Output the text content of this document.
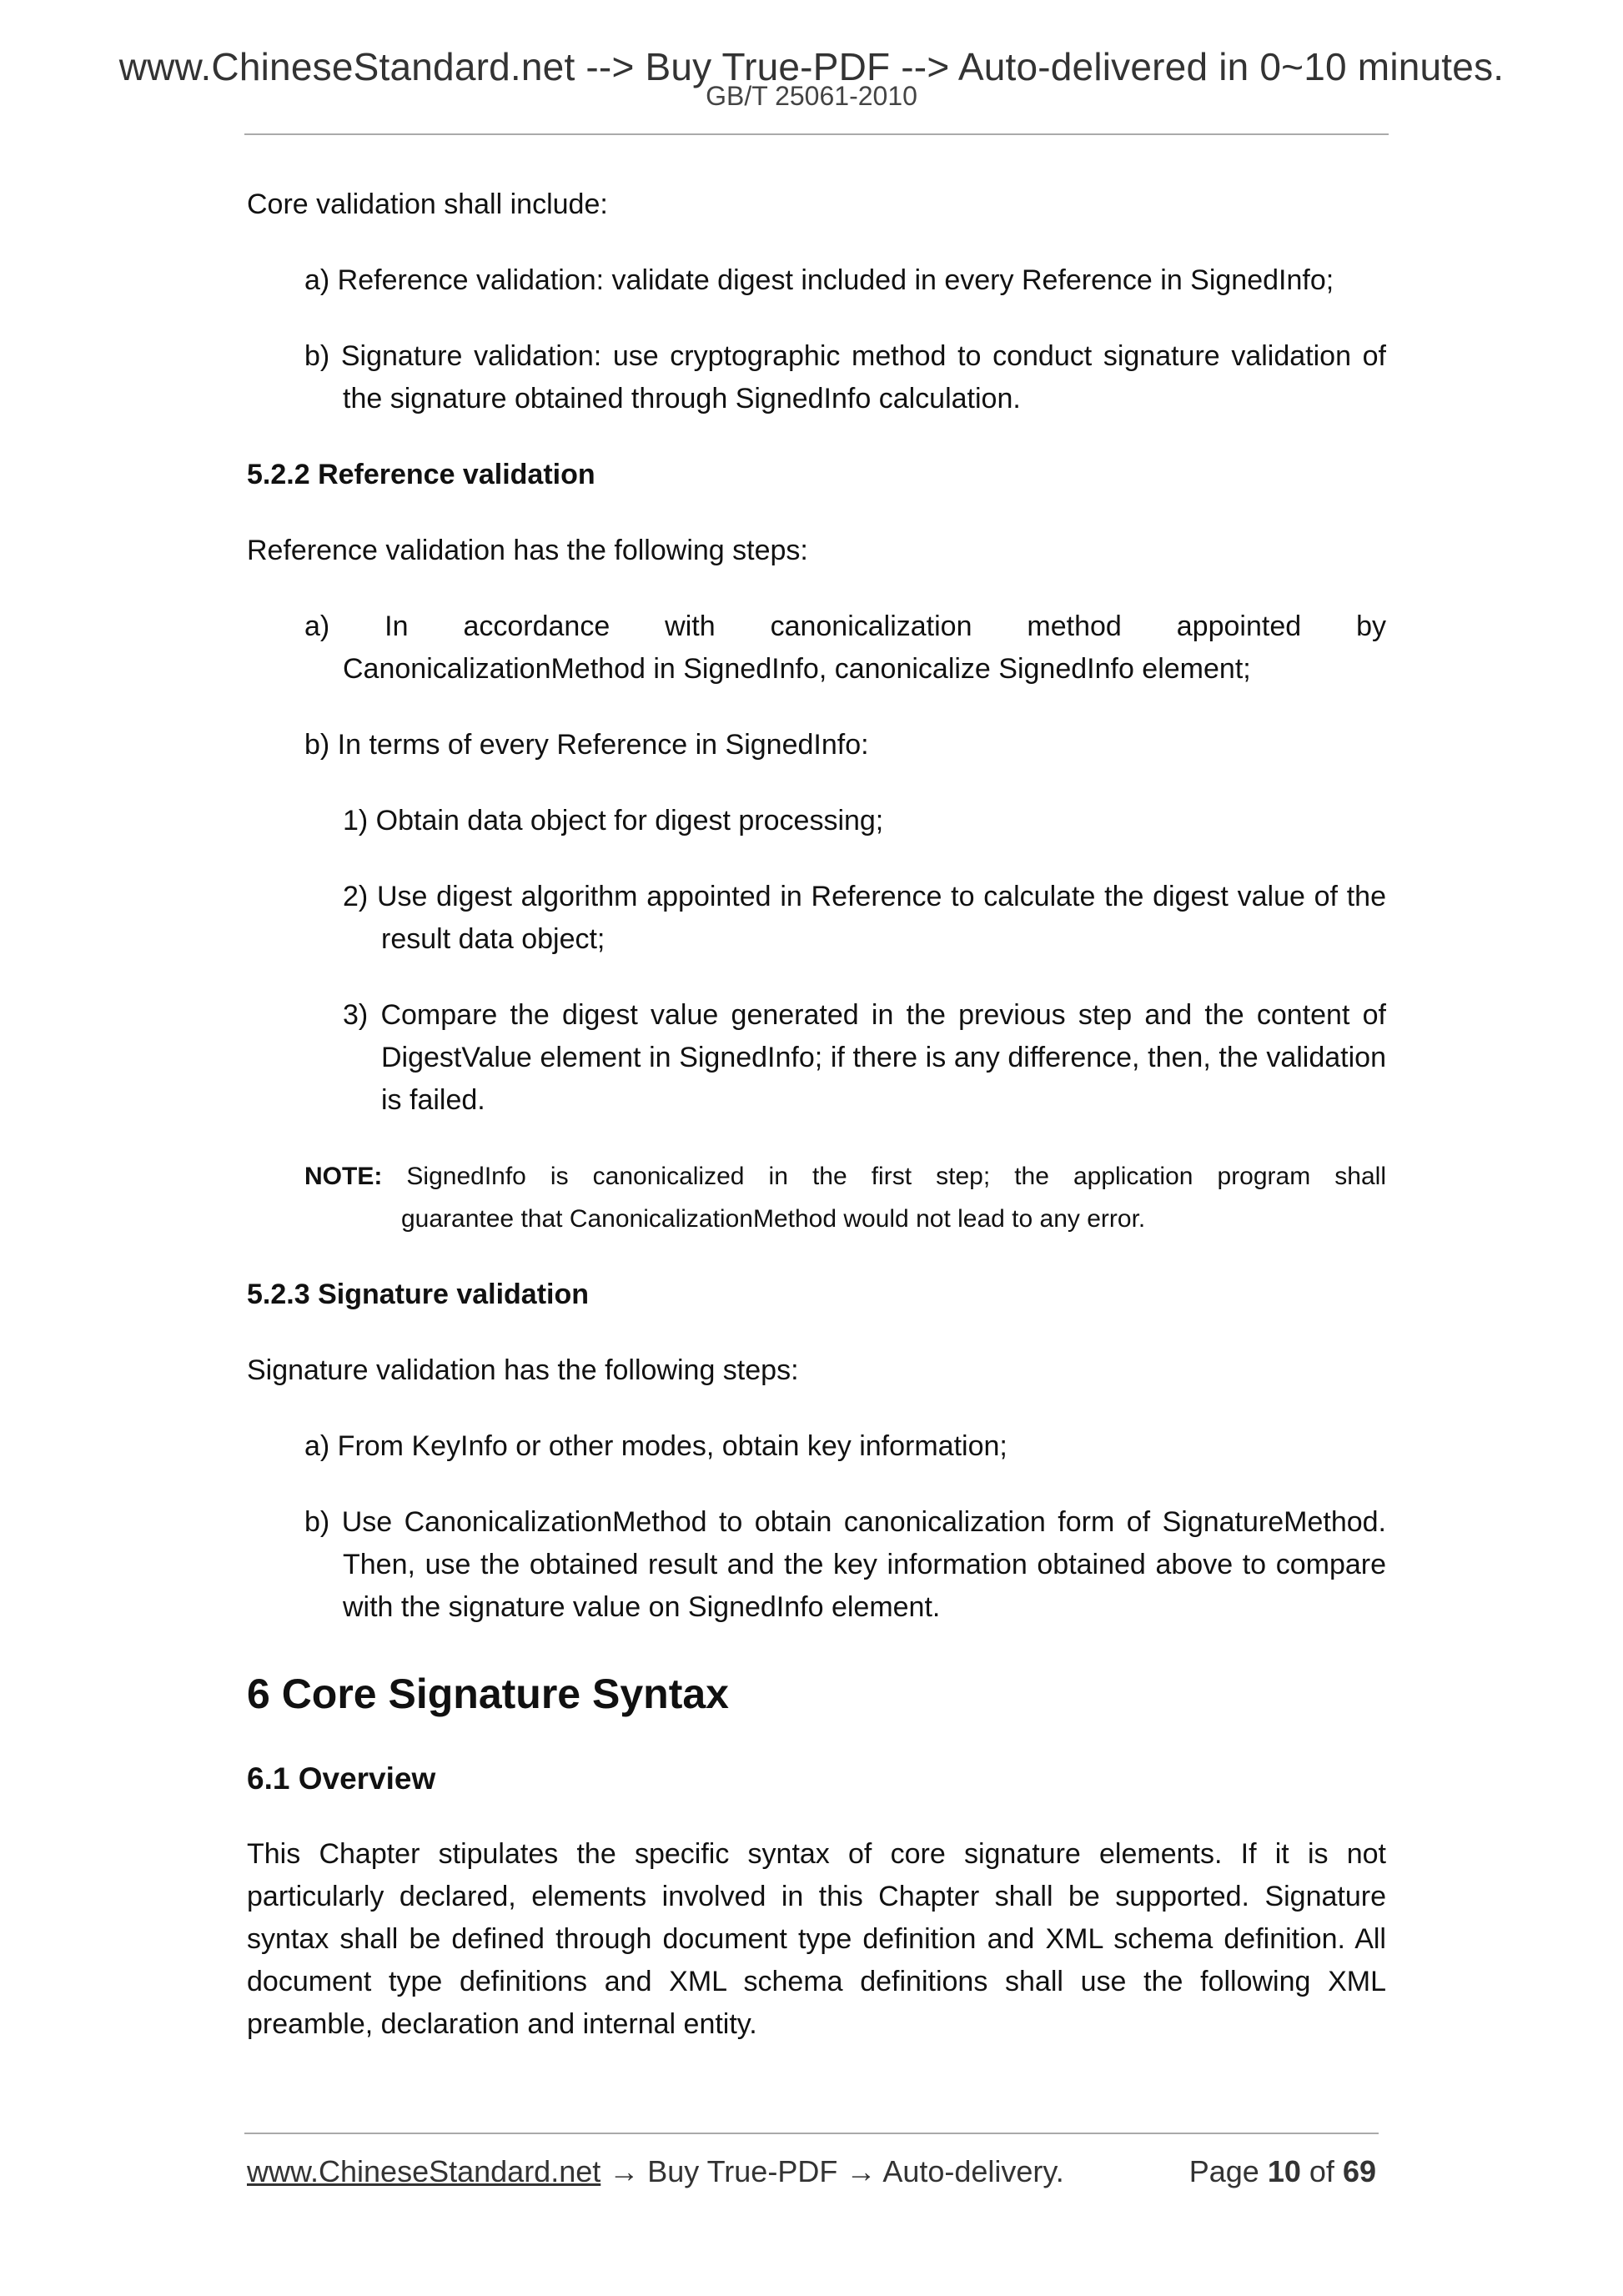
www.ChineseStandard.net --> Buy True-PDF --> Auto-delivered in 0~10 minutes.
GB/T 25061-2010

Core validation shall include:

a) Reference validation: validate digest included in every Reference in SignedInfo;

b) Signature validation: use cryptographic method to conduct signature validation of the signature obtained through SignedInfo calculation.

5.2.2 Reference validation

Reference validation has the following steps:

a) In accordance with canonicalization method appointed by
CanonicalizationMethod in SignedInfo, canonicalize SignedInfo element;

b) In terms of every Reference in SignedInfo:

1) Obtain data object for digest processing;

2) Use digest algorithm appointed in Reference to calculate the digest value of the result data object;

3) Compare the digest value generated in the previous step and the content of DigestValue element in SignedInfo; if there is any difference, then, the validation is failed.

NOTE: SignedInfo is canonicalized in the first step; the application program shall
guarantee that CanonicalizationMethod would not lead to any error.

5.2.3 Signature validation

Signature validation has the following steps:

a) From KeyInfo or other modes, obtain key information;

b) Use CanonicalizationMethod to obtain canonicalization form of SignatureMethod. Then, use the obtained result and the key information obtained above to compare with the signature value on SignedInfo element.

6 Core Signature Syntax

6.1 Overview

This Chapter stipulates the specific syntax of core signature elements. If it is not particularly declared, elements involved in this Chapter shall be supported. Signature syntax shall be defined through document type definition and XML schema definition. All document type definitions and XML schema definitions shall use the following XML preamble, declaration and internal entity.

www.ChineseStandard.net → Buy True-PDF → Auto-delivery.	Page 10 of 69
